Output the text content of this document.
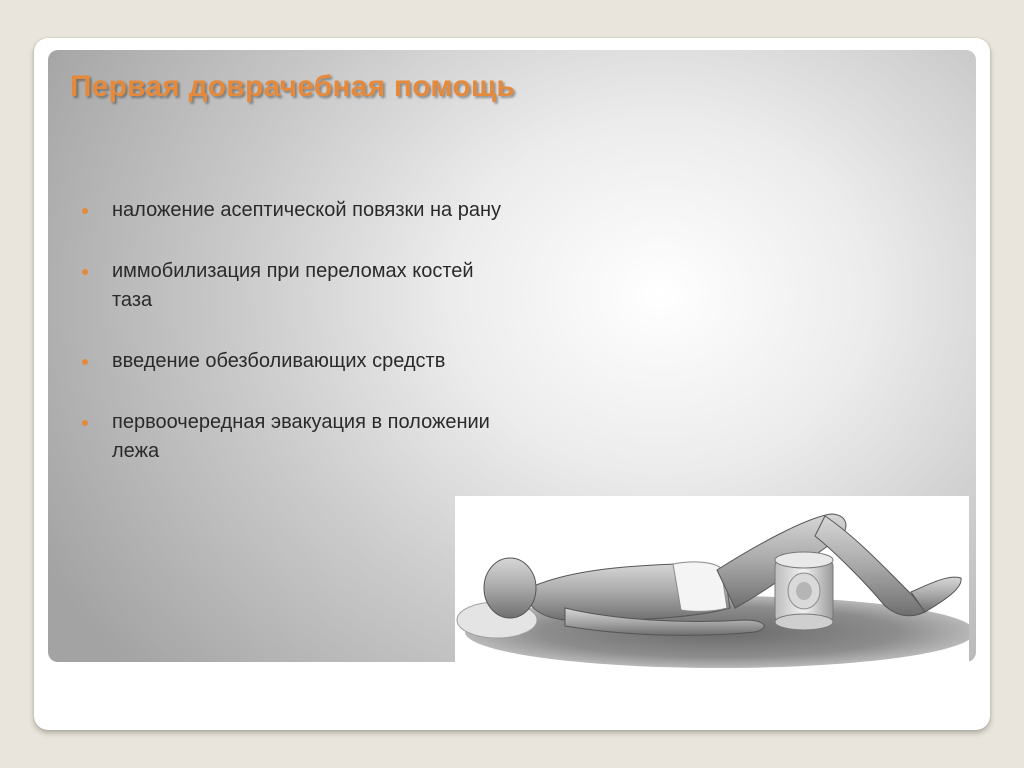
Первая доврачебная помощь
наложение асептической повязки на рану
иммобилизация при переломах костей таза
введение обезболивающих средств
первоочередная эвакуация в положении лежа
